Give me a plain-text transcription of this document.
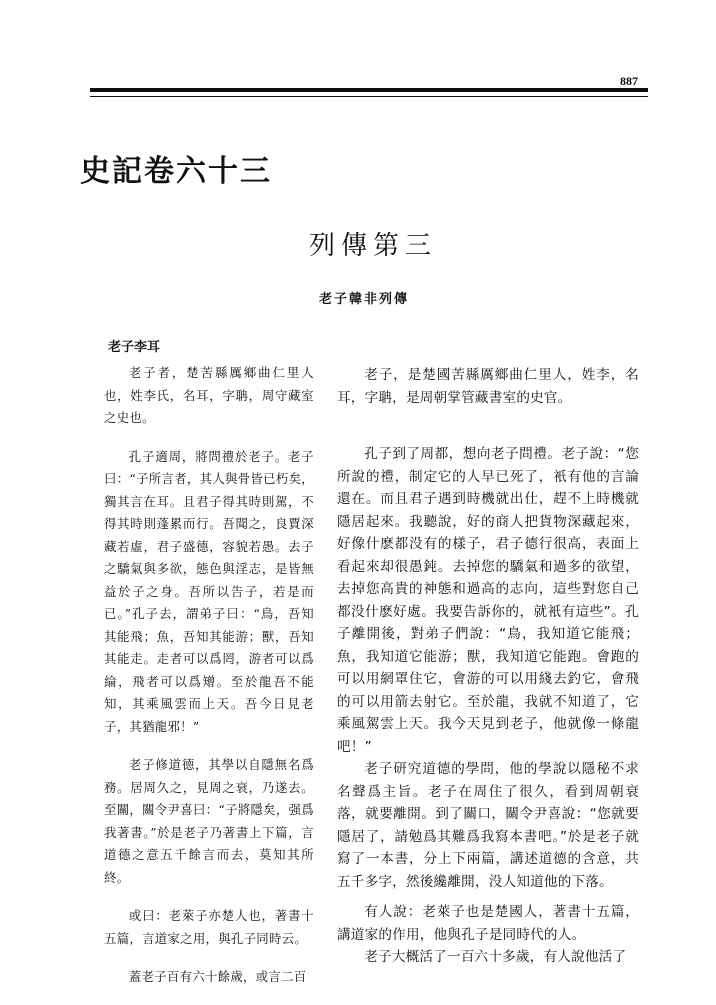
887
史記卷六十三
列傳第三
老子韓非列傳
老子李耳

老子者，楚苦縣厲鄉曲仁里人也，姓李氏，名耳，字聃，周守藏室之史也。

孔子適周，將問禮於老子。老子曰：“子所言者，其人與骨皆已朽矣，獨其言在耳。且君子得其時則駕，不得其時則蓬累而行。吾聞之，良賈深藏若虛，君子盛德，容貌若愚。去子之驕氣與多欲，態色與淫志，是皆無益於子之身。吾所以告子，若是而已。”孔子去，謂弟子曰：“鳥，吾知其能飛；魚，吾知其能游；獸，吾知其能走。走者可以爲罔，游者可以爲綸，飛者可以爲矰。至於龍吾不能知，其乘風雲而上天。吾今日見老子，其猶龍邪！”

老子修道德，其學以自隱無名爲務。居周久之，見周之衰，乃遂去。至關，關令尹喜曰：“子將隱矣，强爲我著書。”於是老子乃著書上下篇，言道德之意五千餘言而去，莫知其所終。

或曰：老萊子亦楚人也，著書十五篇，言道家之用，與孔子同時云。

蓋老子百有六十餘歲，或言二百

老子，是楚國苦縣厲鄉曲仁里人，姓李，名耳，字聃，是周朝掌管藏書室的史官。

孔子到了周都，想向老子問禮。老子說：“您所說的禮，制定它的人早已死了，衹有他的言論還在。而且君子遇到時機就出仕，趕不上時機就隱居起來。我聽說，好的商人把貨物深藏起來，好像什麽都没有的樣子，君子德行很高，表面上看起來却很愚鈍。去掉您的驕氣和過多的欲望，去掉您高貴的神態和過高的志向，這些對您自己都没什麽好處。我要告訴你的，就衹有這些”。孔子離開後，對弟子們說：“鳥，我知道它能飛；魚，我知道它能游；獸，我知道它能跑。會跑的可以用網罩住它，會游的可以用綫去釣它，會飛的可以用箭去射它。至於龍，我就不知道了，它乘風駕雲上天。我今天見到老子，他就像一條龍吧！”

老子研究道德的學問，他的學說以隱秘不求名聲爲主旨。老子在周住了很久，看到周朝衰落，就要離開。到了關口，關令尹喜說：“您就要隱居了，請勉爲其難爲我寫本書吧。”於是老子就寫了一本書，分上下兩篇，講述道德的含意，共五千多字，然後纔離開，没人知道他的下落。

有人說：老萊子也是楚國人，著書十五篇，講道家的作用，他與孔子是同時代的人。

老子大概活了一百六十多歲，有人說他活了
